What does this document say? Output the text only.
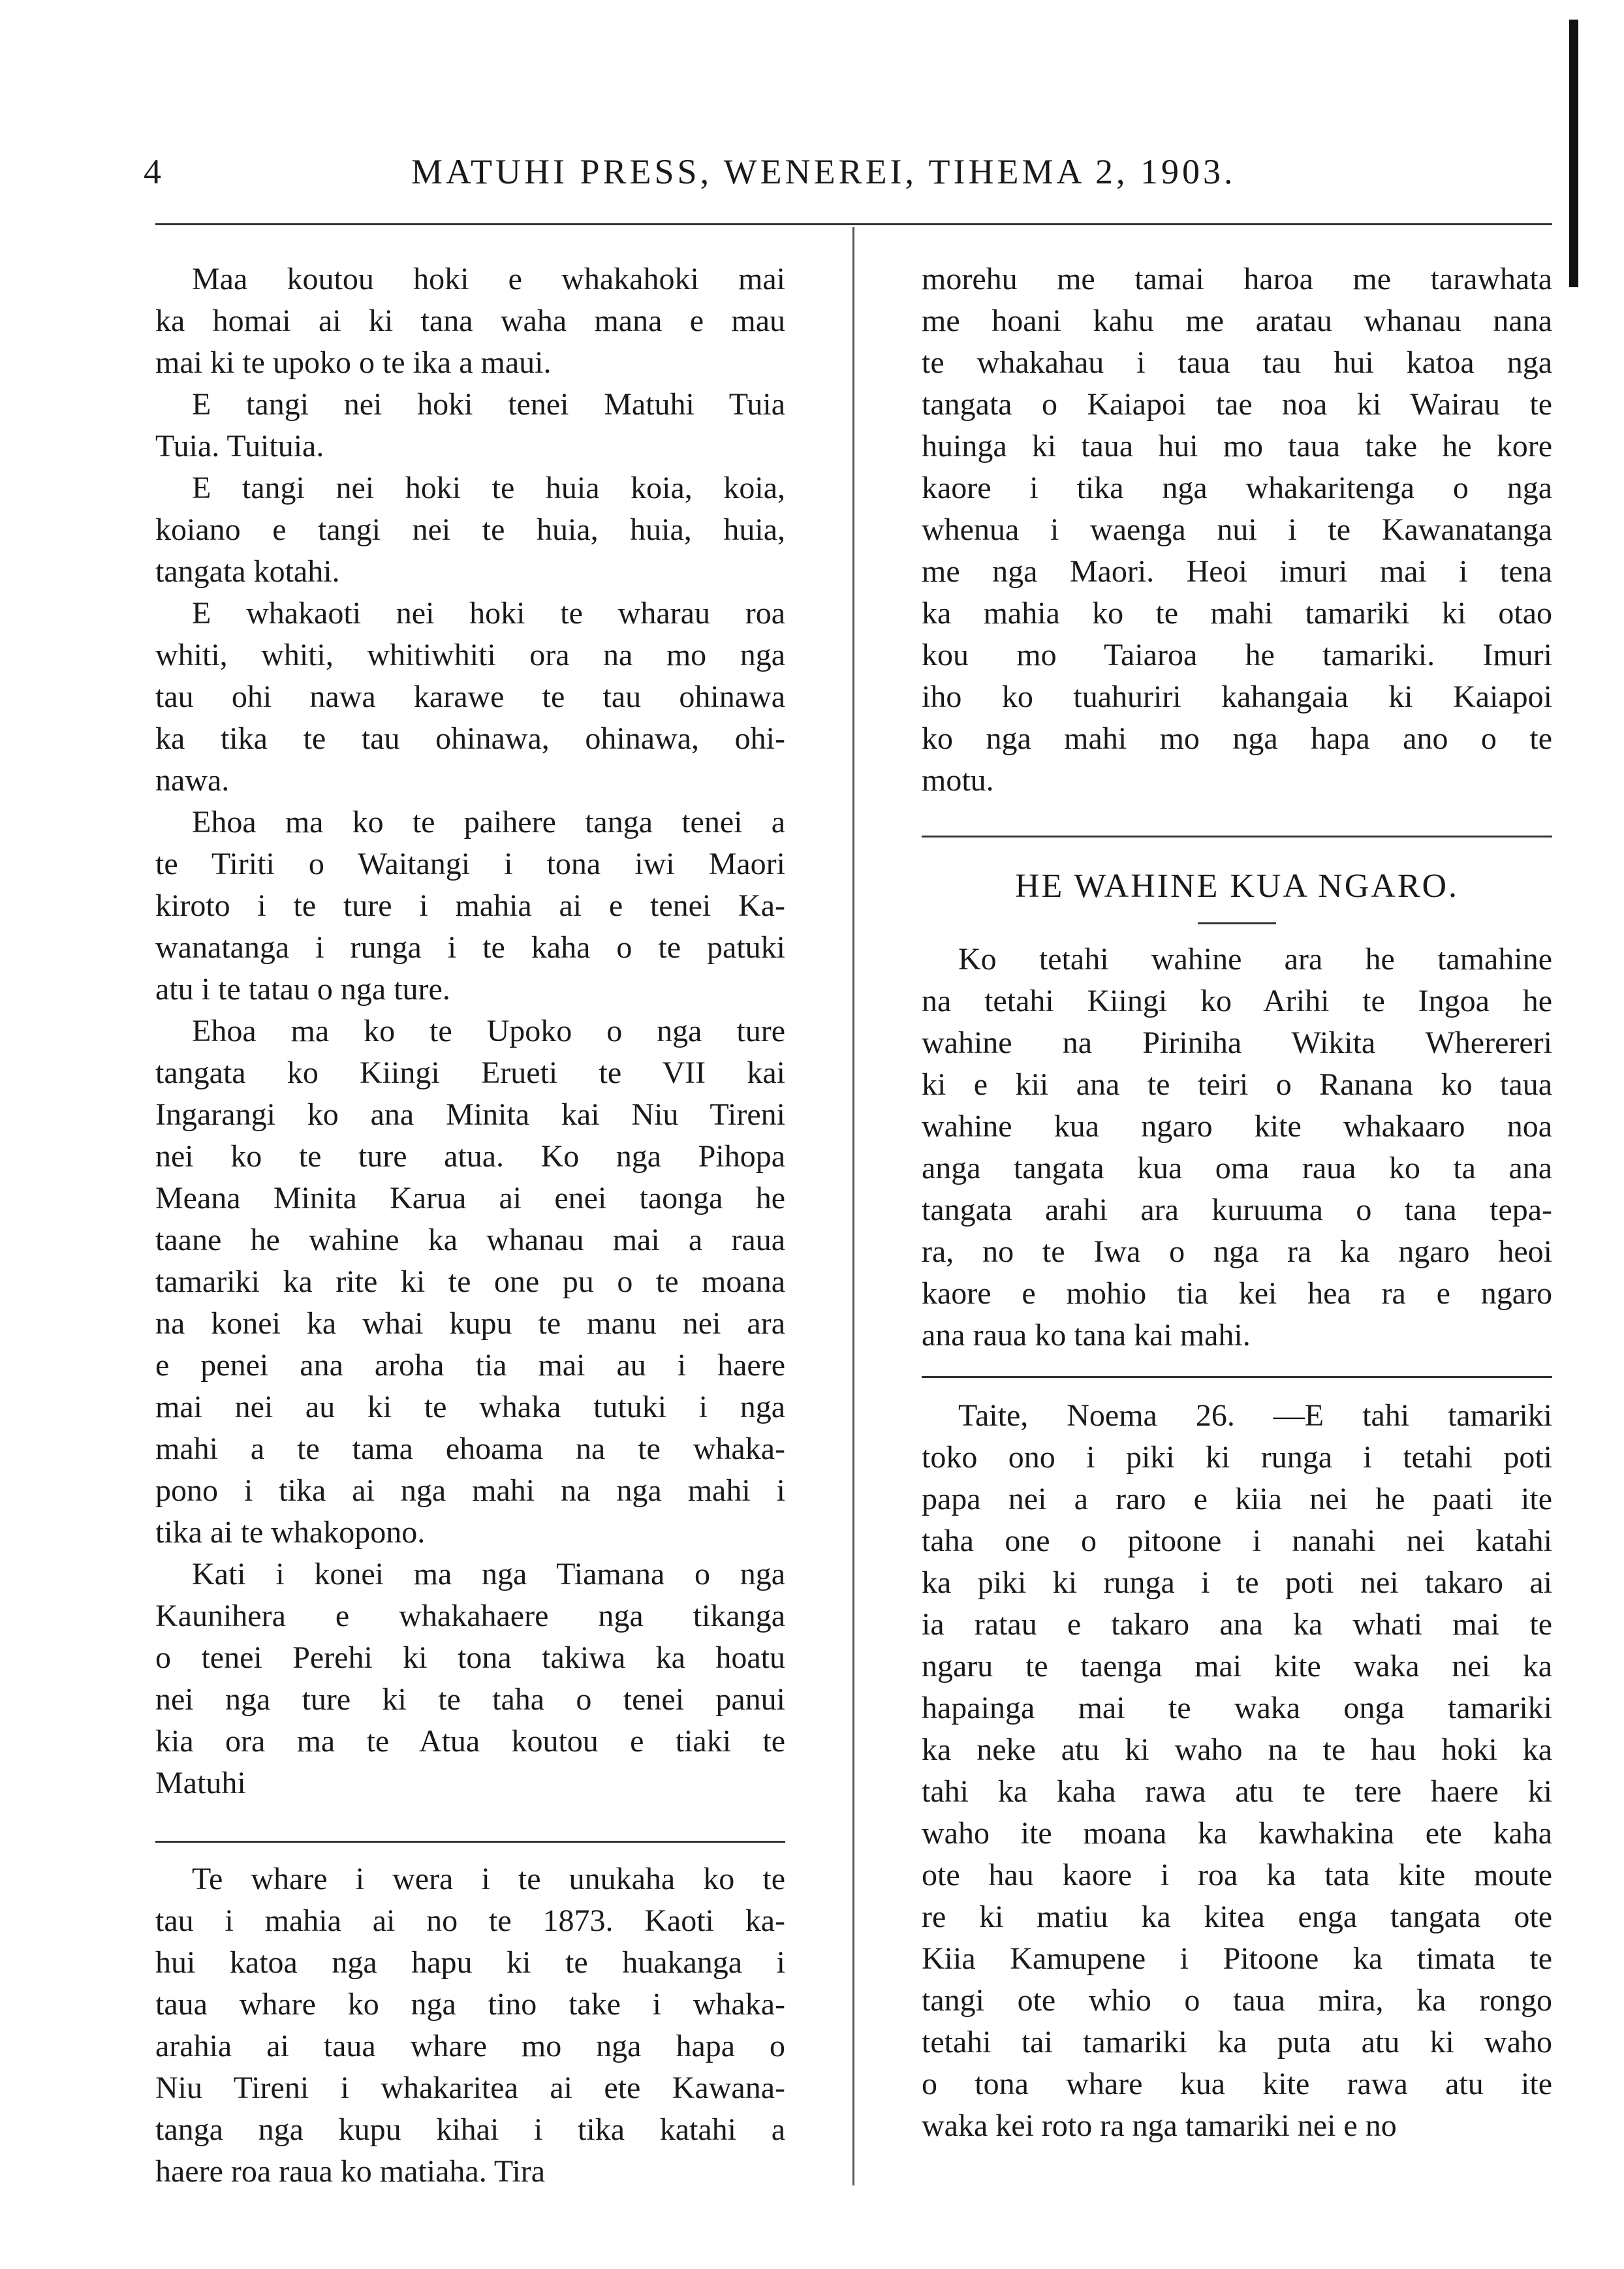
4	MATUHI PRESS, WENEREI, TIHEMA 2, 1903.

Maa koutou hoki e whakahoki mai
ka homai ai ki tana waha mana e mau
mai ki te upoko o te ika a maui.

E tangi nei hoki tenei Matuhi Tuia
Tuia. Tuituia.

E tangi nei hoki te huia koia, koia,
koiano e tangi nei te huia, huia, huia,
tangata kotahi.

E whakaoti nei hoki te wharau roa
whiti, whiti, whitiwhiti ora na mo nga
tau ohi nawa karawe te tau ohinawa
ka tika te tau ohinawa, ohinawa, ohi-
nawa.

Ehoa ma ko te paihere tanga tenei a
te Tiriti o Waitangi i tona iwi Maori
kiroto i te ture i mahia ai e tenei Ka-
wanatanga i runga i te kaha o te patuki
atu i te tatau o nga ture.

Ehoa ma ko te Upoko o nga ture
tangata ko Kiingi Erueti te VII kai
Ingarangi ko ana Minita kai Niu Tireni
nei ko te ture atua. Ko nga Pihopa
Meana Minita Karua ai enei taonga he
taane he wahine ka whanau mai a raua
tamariki ka rite ki te one pu o te moana
na konei ka whai kupu te manu nei ara
e penei ana aroha tia mai au i haere
mai nei au ki te whaka tutuki i nga
mahi a te tama ehoama na te whaka-
pono i tika ai nga mahi na nga mahi i
tika ai te whakopono.

Kati i konei ma nga Tiamana o nga
Kaunihera e whakahaere nga tikanga
o tenei Perehi ki tona takiwa ka hoatu
nei nga ture ki te taha o tenei panui
kia ora ma te Atua koutou e tiaki te
Matuhi

Te whare i wera i te unukaha ko te
tau i mahia ai no te 1873. Kaoti ka-
hui katoa nga hapu ki te huakanga i
taua whare ko nga tino take i whaka-
arahia ai taua whare mo nga hapa o
Niu Tireni i whakaritea ai ete Kawana-
tanga nga kupu kihai i tika katahi a
haere roa raua ko matiaha. Tira

morehu me tamai haroa me tarawhata
me hoani kahu me aratau whanau nana
te whakahau i taua tau hui katoa nga
tangata o Kaiapoi tae noa ki Wairau te
huinga ki taua hui mo taua take he kore
kaore i tika nga whakaritenga o nga
whenua i waenga nui i te Kawanatanga
me nga Maori. Heoi imuri mai i tena
ka mahia ko te mahi tamariki ki otao
kou mo Taiaroa he tamariki. Imuri
iho ko tuahuriri kahangaia ki Kaiapoi
ko nga mahi mo nga hapa ano o te
motu.

HE WAHINE KUA NGARO.

Ko tetahi wahine ara he tamahine
na tetahi Kiingi ko Arihi te Ingoa he
wahine na Piriniha Wikita Wherereri
ki e kii ana te teiri o Ranana ko taua
wahine kua ngaro kite whakaaro noa
anga tangata kua oma raua ko ta ana
tangata arahi ara kuruuma o tana tepa-
ra, no te Iwa o nga ra ka ngaro heoi
kaore e mohio tia kei hea ra e ngaro
ana raua ko tana kai mahi.

Taite, Noema 26. —E tahi tamariki
toko ono i piki ki runga i tetahi poti
papa nei a raro e kiia nei he paati ite
taha one o pitoone i nanahi nei katahi
ka piki ki runga i te poti nei takaro ai
ia ratau e takaro ana ka whati mai te
ngaru te taenga mai kite waka nei ka
hapainga mai te waka onga tamariki
ka neke atu ki waho na te hau hoki ka
tahi ka kaha rawa atu te tere haere ki
waho ite moana ka kawhakina ete kaha
ote hau kaore i roa ka tata kite moute
re ki matiu ka kitea enga tangata ote
Kiia Kamupene i Pitoone ka timata te
tangi ote whio o taua mira, ka rongo
tetahi tai tamariki ka puta atu ki waho
o tona whare kua kite rawa atu ite
waka kei roto ra nga tamariki nei e no
